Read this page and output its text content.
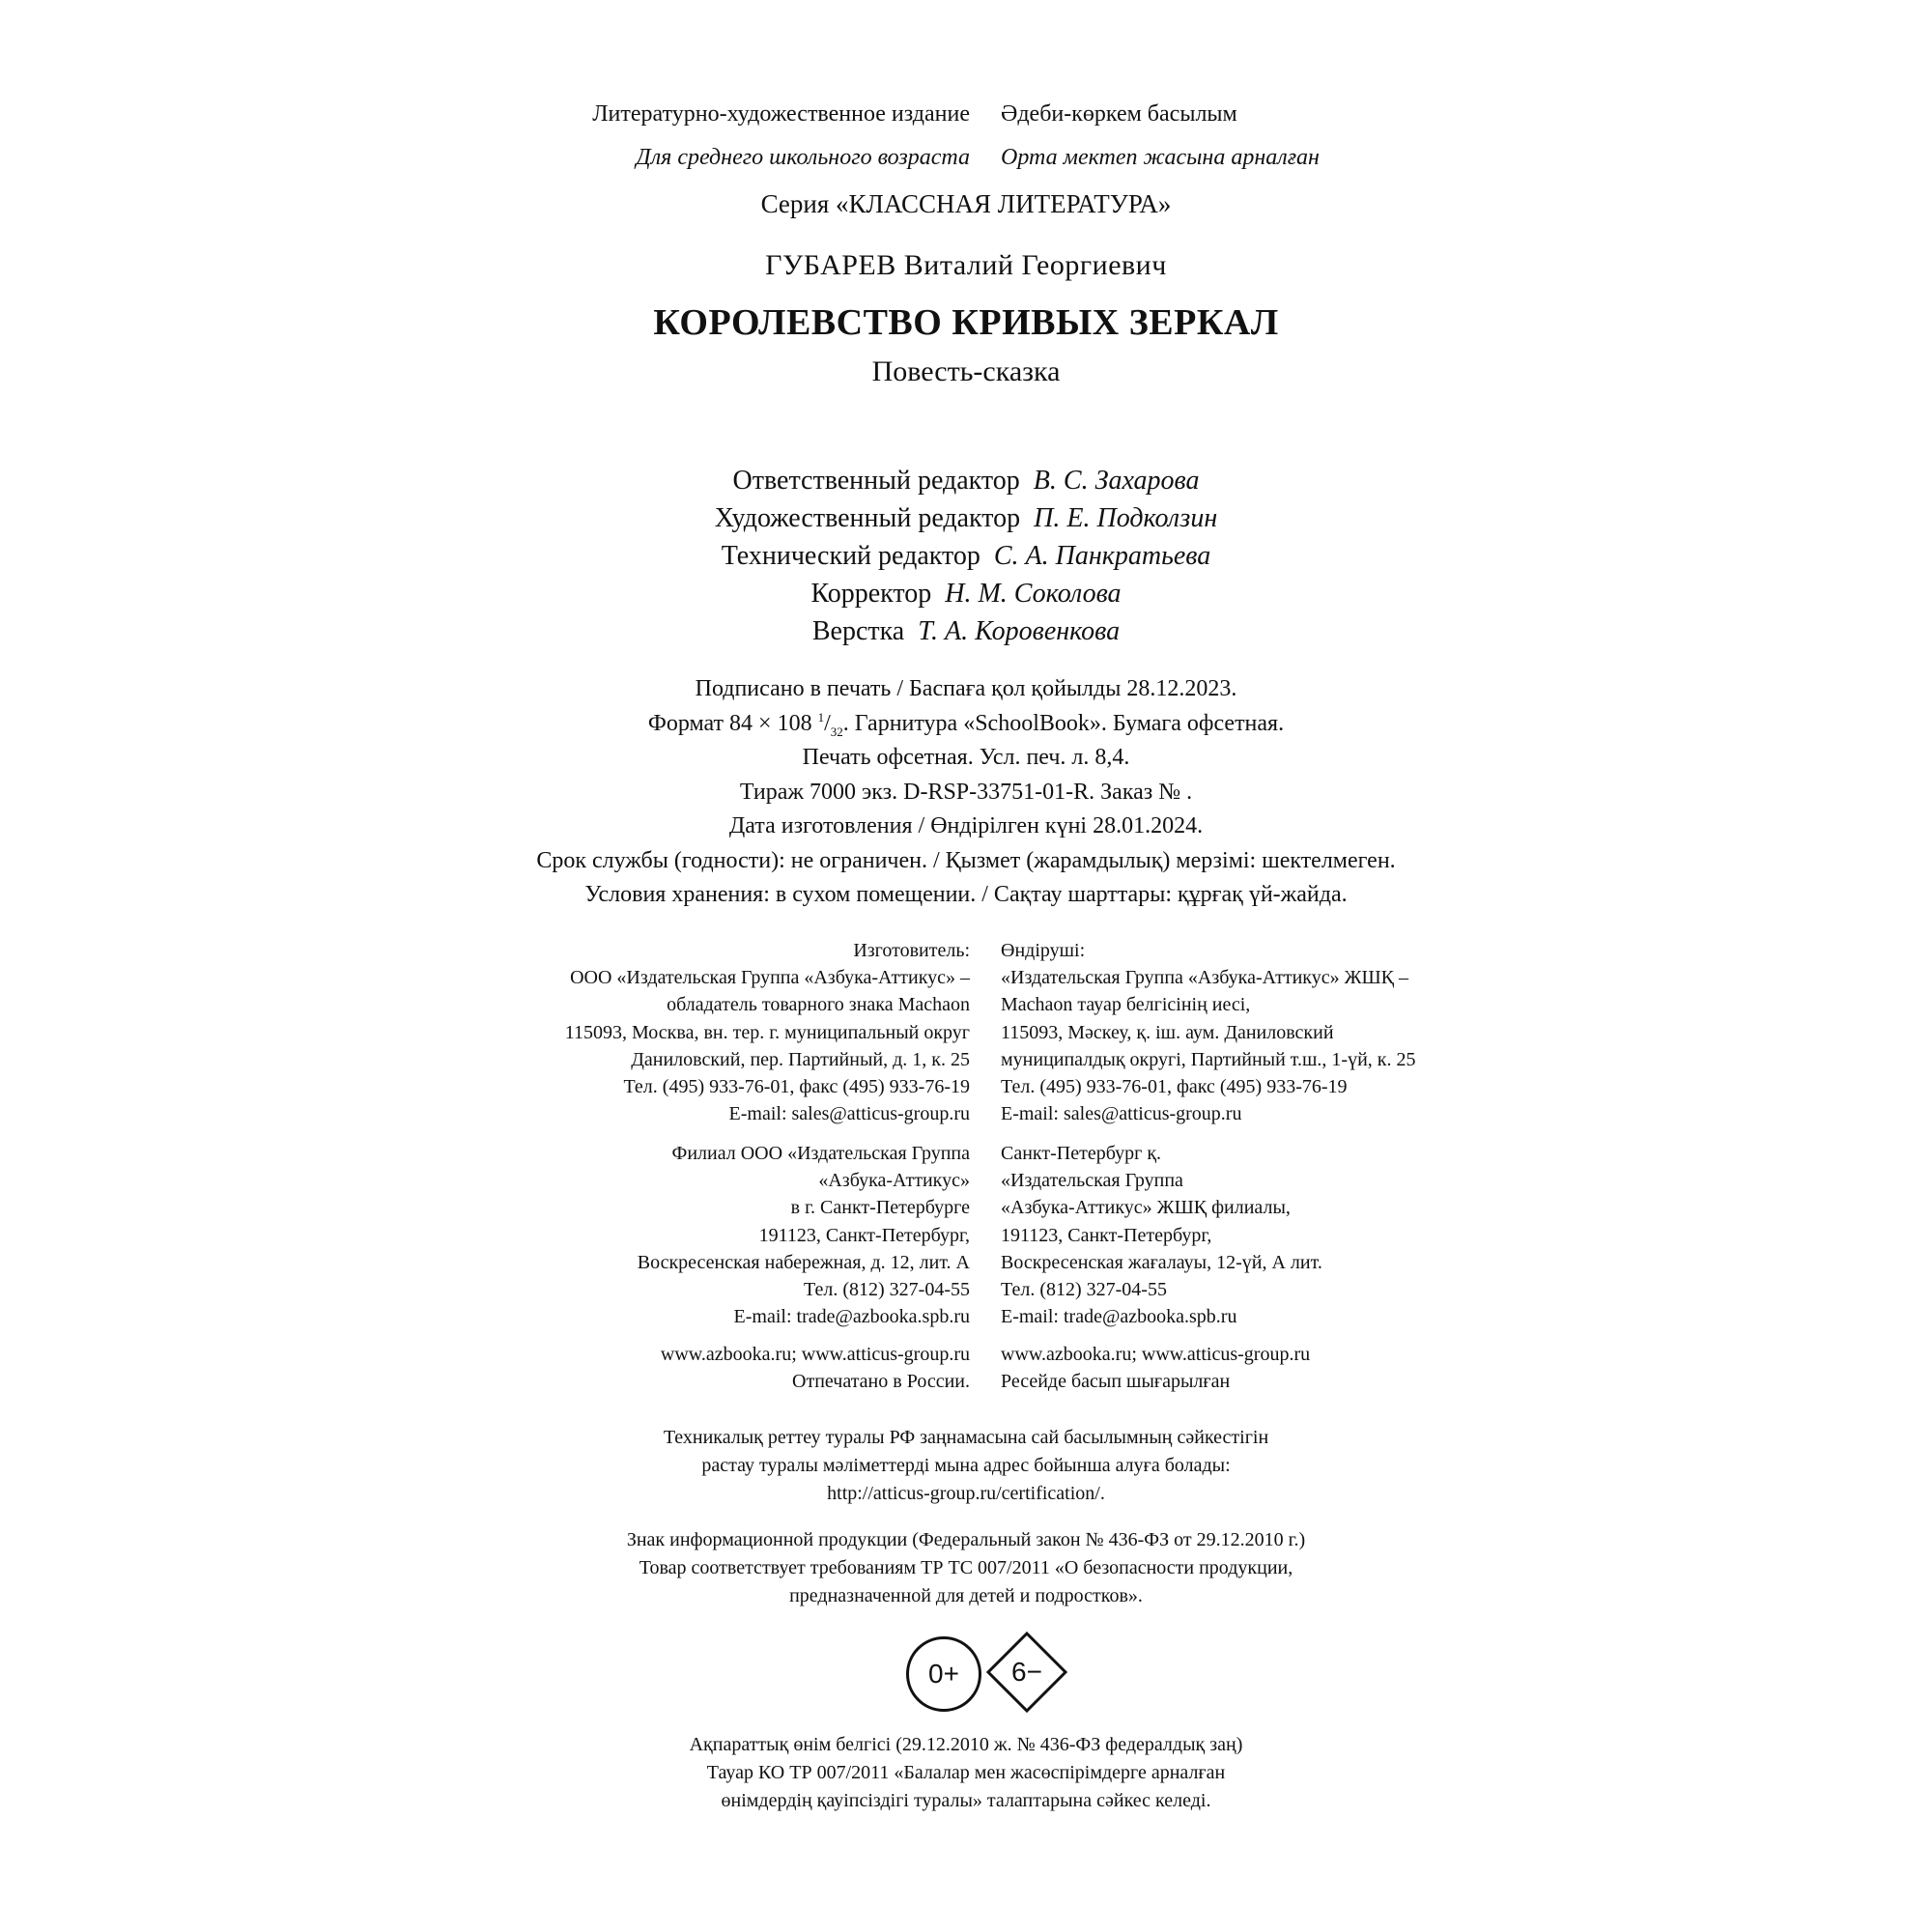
Литературно-художественное издание Әдеби-көркем басылым
Для среднего школьного возраста Орта мектеп жасына арналған
Серия «КЛАССНАЯ ЛИТЕРАТУРА»
ГУБАРЕВ Виталий Георгиевич
КОРОЛЕВСТВО КРИВЫХ ЗЕРКАЛ
Повесть-сказка
Ответственный редактор В. С. Захарова
Художественный редактор П. Е. Подколзин
Технический редактор С. А. Панкратьева
Корректор Н. М. Соколова
Верстка Т. А. Коровенкова
Подписано в печать / Баспаға қол қойылды 28.12.2023.
Формат 84 × 108 $^1/_{32}$. Гарнитура «SchoolBook». Бумага офсетная.
Печать офсетная. Усл. печ. л. 8,4.
Тираж 7000 экз. D-RSP-33751-01-R. Заказ № .
Дата изготовления / Өндірілген күні 28.01.2024.
Срок службы (годности): не ограничен. / Қызмет (жарамдылық) мерзімі: шектелмеген.
Условия хранения: в сухом помещении. / Сақтау шарттары: құрғақ үй-жайда.
Изготовитель:
ООО «Издательская Группа «Азбука-Аттикус» –
обладатель товарного знака Machaon
115093, Москва, вн. тер. г. муниципальный округ
Даниловский, пер. Партийный, д. 1, к. 25
Тел. (495) 933-76-01, факс (495) 933-76-19
E-mail: sales@atticus-group.ru
Өндіруші:
«Издательская Группа «Азбука-Аттикус» ЖШҚ –
Machaon тауар белгісінің иесі,
115093, Мәскеу, қ. іш. аум. Даниловский
муниципалдық округі, Партийный т.ш., 1-үй, к. 25
Тел. (495) 933-76-01, факс (495) 933-76-19
E-mail: sales@atticus-group.ru
Филиал ООО «Издательская Группа
«Азбука-Аттикус»
в г. Санкт-Петербурге
191123, Санкт-Петербург,
Воскресенская набережная, д. 12, лит. А
Тел. (812) 327-04-55
E-mail: trade@azbooka.spb.ru
Санкт-Петербург қ.
«Издательская Группа
«Азбука-Аттикус» ЖШҚ филиалы,
191123, Санкт-Петербург,
Воскресенская жағалауы, 12-үй, А лит.
Тел. (812) 327-04-55
E-mail: trade@azbooka.spb.ru
www.azbooka.ru; www.atticus-group.ru
Отпечатано в России.
www.azbooka.ru; www.atticus-group.ru
Ресейде басып шығарылған
Техникалық реттеу туралы РФ заңнамасына сай басылымның сәйкестігін
растау туралы мәліметтерді мына адрес бойынша алуға болады:
http://atticus-group.ru/certification/.
Знак информационной продукции (Федеральный закон № 436-ФЗ от 29.12.2010 г.)
Товар соответствует требованиям ТР ТС 007/2011 «О безопасности продукции,
предназначенной для детей и подростков».
0+	6−
Ақпараттық өнім белгісі (29.12.2010 ж. № 436-ФЗ федералдық заң)
Тауар КО ТР 007/2011 «Балалар мен жасөспірімдерге арналған
өнімдердің қауіпсіздігі туралы» талаптарына сәйкес келеді.
